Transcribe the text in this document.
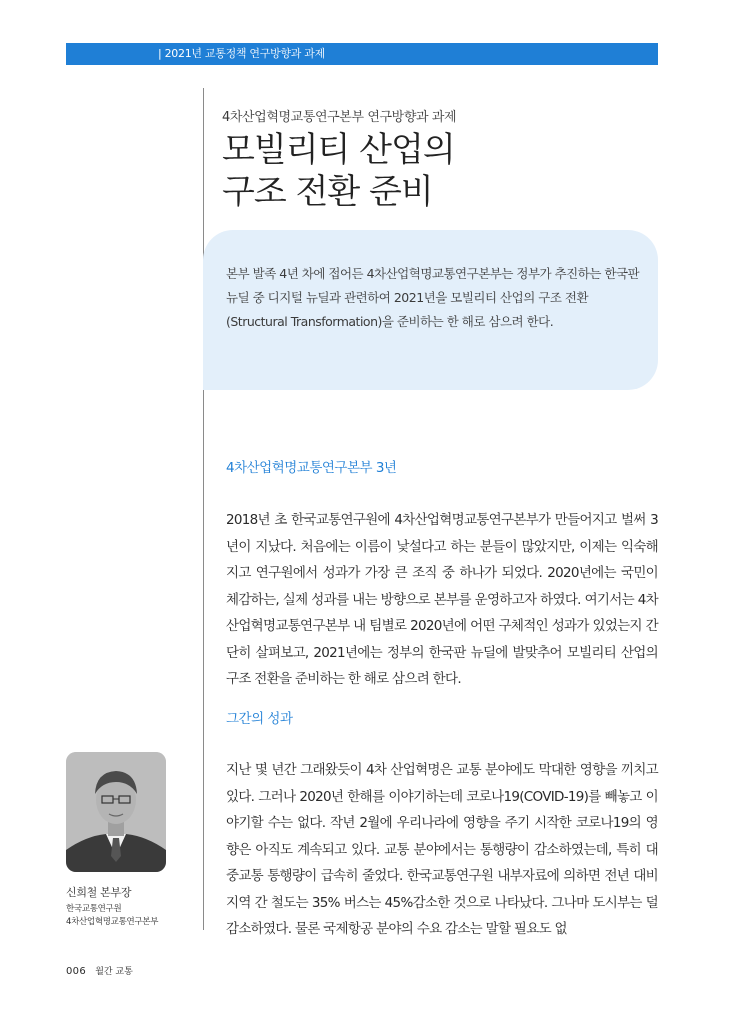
| 2021년 교통정책 연구방향과 과제
4차산업혁명교통연구본부 연구방향과 과제
모빌리티 산업의
구조 전환 준비
본부 발족 4년 차에 접어든 4차산업혁명교통연구본부는 정부가 추진하는 한국판 뉴딜 중 디지털 뉴딜과 관련하여 2021년을 모빌리티 산업의 구조 전환(Structural Transformation)을 준비하는 한 해로 삼으려 한다.
4차산업혁명교통연구본부 3년
2018년 초 한국교통연구원에 4차산업혁명교통연구본부가 만들어지고 벌써 3년이 지났다. 처음에는 이름이 낯설다고 하는 분들이 많았지만, 이제는 익숙해지고 연구원에서 성과가 가장 큰 조직 중 하나가 되었다. 2020년에는 국민이 체감하는, 실제 성과를 내는 방향으로 본부를 운영하고자 하였다. 여기서는 4차산업혁명교통연구본부 내 팀별로 2020년에 어떤 구체적인 성과가 있었는지 간단히 살펴보고, 2021년에는 정부의 한국판 뉴딜에 발맞추어 모빌리티 산업의 구조 전환을 준비하는 한 해로 삼으려 한다.
그간의 성과
지난 몇 년간 그래왔듯이 4차 산업혁명은 교통 분야에도 막대한 영향을 끼치고 있다. 그러나 2020년 한해를 이야기하는데 코로나19(COVID-19)를 빼놓고 이야기할 수는 없다. 작년 2월에 우리나라에 영향을 주기 시작한 코로나19의 영향은 아직도 계속되고 있다. 교통 분야에서는 통행량이 감소하였는데, 특히 대중교통 통행량이 급속히 줄었다. 한국교통연구원 내부자료에 의하면 전년 대비 지역 간 철도는 35% 버스는 45%감소한 것으로 나타났다. 그나마 도시부는 덜 감소하였다. 물론 국제항공 분야의 수요 감소는 말할 필요도 없
신희철 본부장
한국교통연구원
4차산업혁명교통연구본부
006 월간 교통
